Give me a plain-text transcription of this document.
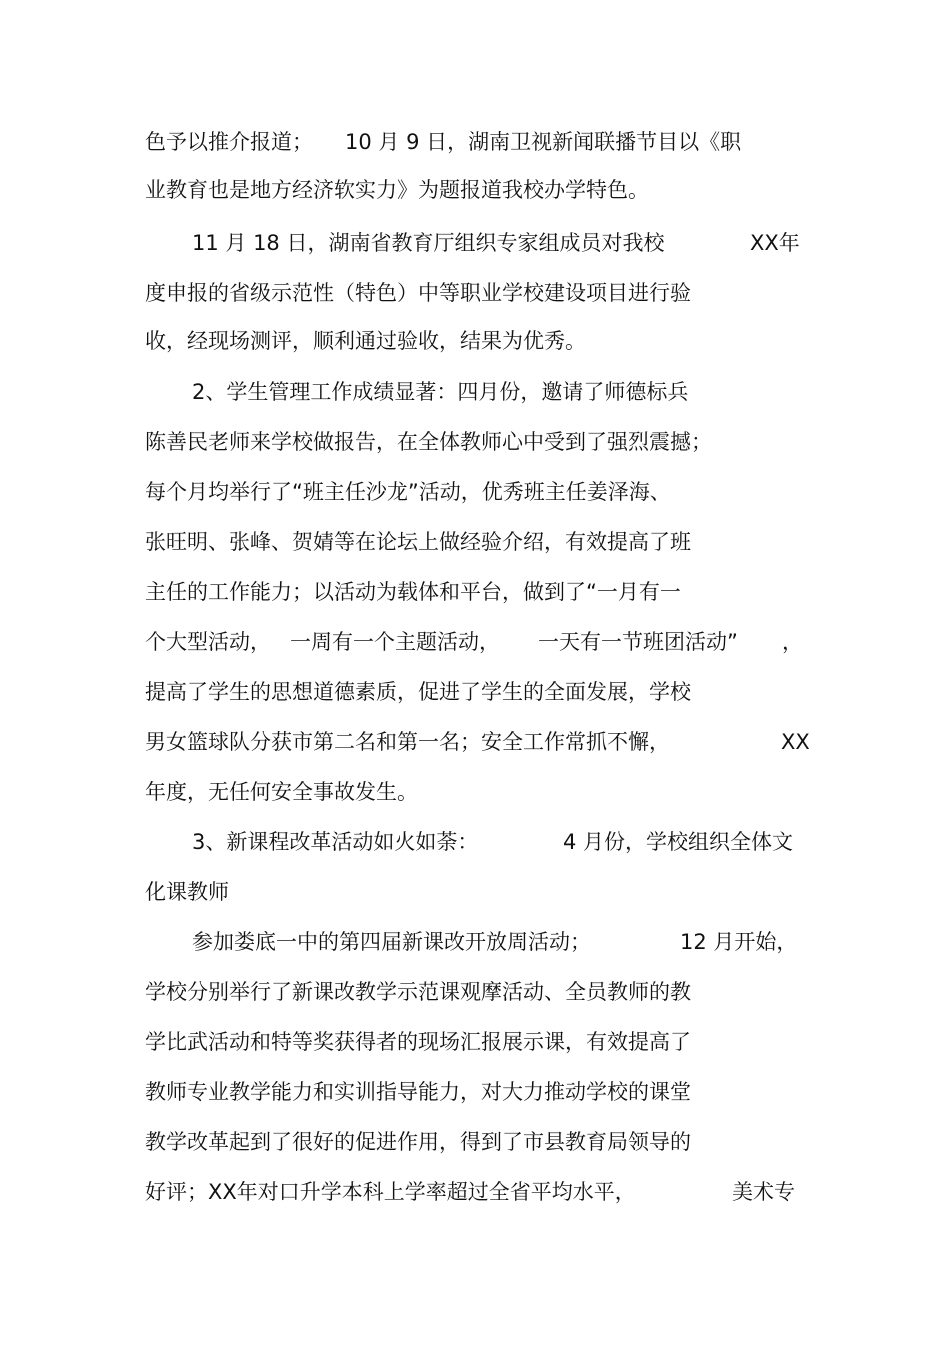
色予以推介报道； 10 月 9 日，湖南卫视新闻联播节目以《职
业教育也是地方经济软实力》为题报道我校办学特色。
11 月 18 日，湖南省教育厅组织专家组成员对我校	XX年
度申报的省级示范性（特色）中等职业学校建设项目进行验
收，经现场测评，顺利通过验收，结果为优秀。
2、学生管理工作成绩显著：四月份，邀请了师德标兵
陈善民老师来学校做报告，在全体教师心中受到了强烈震撼；
每个月均举行了“班主任沙龙”活动，优秀班主任姜泽海、
张旺明、张峰、贺婧等在论坛上做经验介绍，有效提高了班
主任的工作能力；以活动为载体和平台，做到了“一月有一
个大型活动， 一周有一个主题活动， 一天有一节班团活动” ，
提高了学生的思想道德素质，促进了学生的全面发展，学校
男女篮球队分获市第二名和第一名；安全工作常抓不懈，	XX
年度，无任何安全事故发生。
3、新课程改革活动如火如荼：	4 月份，学校组织全体文
化课教师
参加娄底一中的第四届新课改开放周活动；	12 月开始，
学校分别举行了新课改教学示范课观摩活动、全员教师的教
学比武活动和特等奖获得者的现场汇报展示课，有效提高了
教师专业教学能力和实训指导能力，对大力推动学校的课堂
教学改革起到了很好的促进作用，得到了市县教育局领导的
好评；XX年对口升学本科上学率超过全省平均水平，	美术专
